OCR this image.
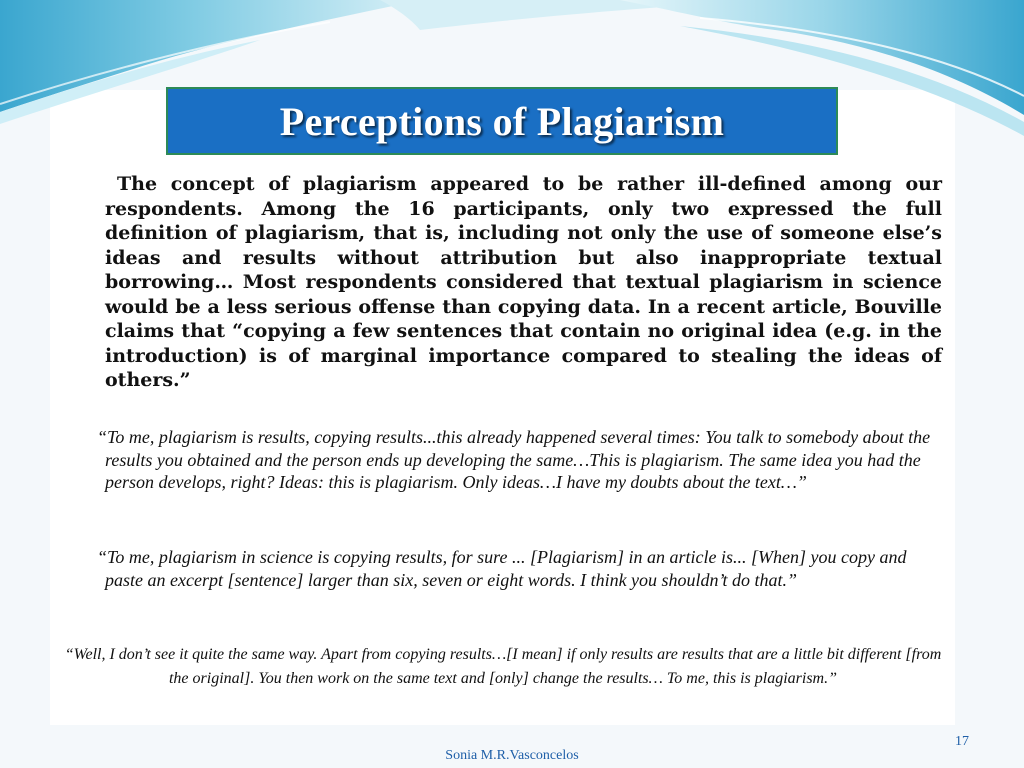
Perceptions of Plagiarism

The concept of plagiarism appeared to be rather ill-defined among our respondents. Among the 16 participants, only two expressed the full definition of plagiarism, that is, including not only the use of someone else’s ideas and results without attribution but also inappropriate textual borrowing… Most respondents considered that textual plagiarism in science would be a less serious offense than copying data. In a recent article, Bouville claims that “copying a few sentences that contain no original idea (e.g. in the introduction) is of marginal importance compared to stealing the ideas of others.”

“To me, plagiarism is results, copying results...this already happened several times: You talk to somebody about the results you obtained and the person ends up developing the same…This is plagiarism. The same idea you had the person develops, right? Ideas: this is plagiarism. Only ideas…I have my doubts about the text…”

“To me, plagiarism in science is copying results, for sure ... [Plagiarism] in an article is... [When] you copy and paste an excerpt [sentence] larger than six, seven or eight words. I think you shouldn’t do that.”

“Well, I don’t see it quite the same way. Apart from copying results…[I mean] if only results are results that are a little bit different [from the original]. You then work on the same text and [only] change the results… To me, this is plagiarism.”

Sonia M.R.Vasconcelos
17
